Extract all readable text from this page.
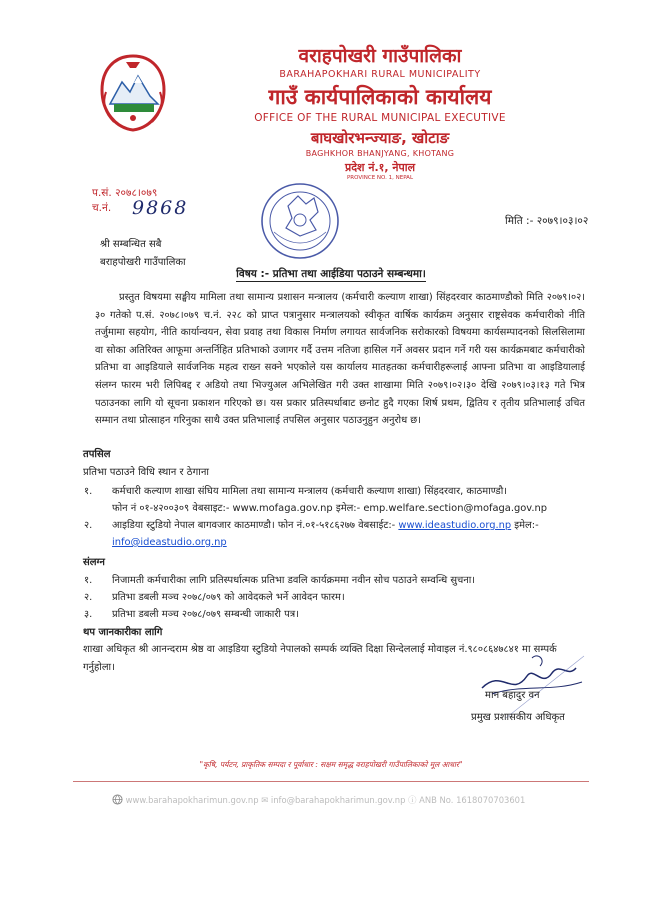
वराहपोखरी गाउँपालिका
BARAHAPOKHARI RURAL MUNICIPALITY
गाउँ कार्यपालिकाको कार्यालय
OFFICE OF THE RURAL MUNICIPAL EXECUTIVE
बाघखोरभन्ज्याङ, खोटाङ
BAGHKHOR BHANJYANG, KHOTANG
प्रदेश नं.१, नेपाल
PROVINCE NO. 1, NEPAL
प.सं. २०७८।०७९
च.नं. 9868
मिति :- २०७९।०३।०२
श्री सम्बन्धित सबै
बराहपोखरी गाउँपालिका
विषय :- प्रतिभा तथा आईडिया पठाउने सम्बन्धमा।
प्रस्तुत विषयमा सङ्घीय मामिला तथा सामान्य प्रशासन मन्त्रालय (कर्मचारी कल्याण शाखा) सिंहदरवार काठमाण्डौको मिति २०७९।०२।३० गतेको प.सं. २०७८।०७९ च.नं. २२८ को प्राप्त पत्रानुसार मन्त्रालयको स्वीकृत वार्षिक कार्यक्रम अनुसार राष्ट्रसेवक कर्मचारीको नीति तर्जुमामा सहयोग, नीति कार्यान्वयन, सेवा प्रवाह तथा विकास निर्माण लगायत सार्वजनिक सरोकारको विषयमा कार्यसम्पादनको सिलसिलामा वा सोका अतिरिक्त आफूमा अन्तर्निहित प्रतिभाको उजागर गर्दै उत्तम नतिजा हासिल गर्ने अवसर प्रदान गर्ने गरी यस कार्यक्रमबाट कर्मचारीको प्रतिभा वा आइडियाले सार्वजनिक महत्व राख्न सक्ने भएकोले यस कार्यालय मातहतका कर्मचारीहरूलाई आफ्ना प्रतिभा वा आइडियालाई संलग्न फारम भरी लिपिबद्द र अडियो तथा भिज्युअल अभिलेखित गरी उक्त शाखामा मिति २०७९।०२।३० देखि २०७९।०३।१३ गते भित्र पठाउनका लागि यो सूचना प्रकाशन गरिएको छ। यस प्रकार प्रतिस्पर्धाबाट छनोट हुदै गएका शिर्ष प्रथम, द्वितिय र तृतीय प्रतिभालाई उचित सम्मान तथा प्रोत्साहन गरिनुका साथै उक्त प्रतिभालाई तपसिल अनुसार पठाउनुहुन अनुरोध छ।
तपसिल
प्रतिभा पठाउने विधि स्थान र ठेगाना
१. कर्मचारी कल्याण शाखा संघिय मामिला तथा सामान्य मन्त्रालय (कर्मचारी कल्याण शाखा) सिंहदरवार, काठमाण्डौ।
फोन नं ०१-४२००३०९ वेबसाइट:- www.mofaga.gov.np इमेल:- emp.welfare.section@mofaga.gov.np
२. आइडिया स्टुडियो नेपाल बागवजार काठमाण्डौ। फोन नं.०१-५१८६२७७ वेबसाईट:- www.ideastudio.org.np इमेल:-
info@ideastudio.org.np
संलग्न
१. निजामती कर्मचारीका लागि प्रतिस्पर्धात्मक प्रतिभा डवलि कार्यक्रममा नवीन सोच पठाउने सम्वन्धि सुचना।
२. प्रतिभा डबली मञ्च २०७८/०७९ को आवेदकले भर्ने आवेदन फारम।
३. प्रतिभा डबली मञ्च २०७८/०७९ सम्बन्धी जाकारी पत्र।
थप जानकारीका लागि
शाखा अधिकृत श्री आनन्दराम श्रेष्ठ वा आइडिया स्टुडियो नेपालको सम्पर्क व्यक्ति दिक्षा सिन्देललाई मोवाइल नं.९८०८६४७८४१ मा सम्पर्क गर्नुहोला।
मान बहादुर वन
प्रमुख प्रशासकीय अधिकृत
"कृषि, पर्यटन, प्राकृतिक सम्पदा र पूर्वाधार : सक्षम समृद्ध वराहपोखरी गाउँपालिकाको मूल आधार"
www.barahapokharimun.gov.np ✉ info@barahapokharimun.gov.np ⓘ ANB No. 1618070703601
